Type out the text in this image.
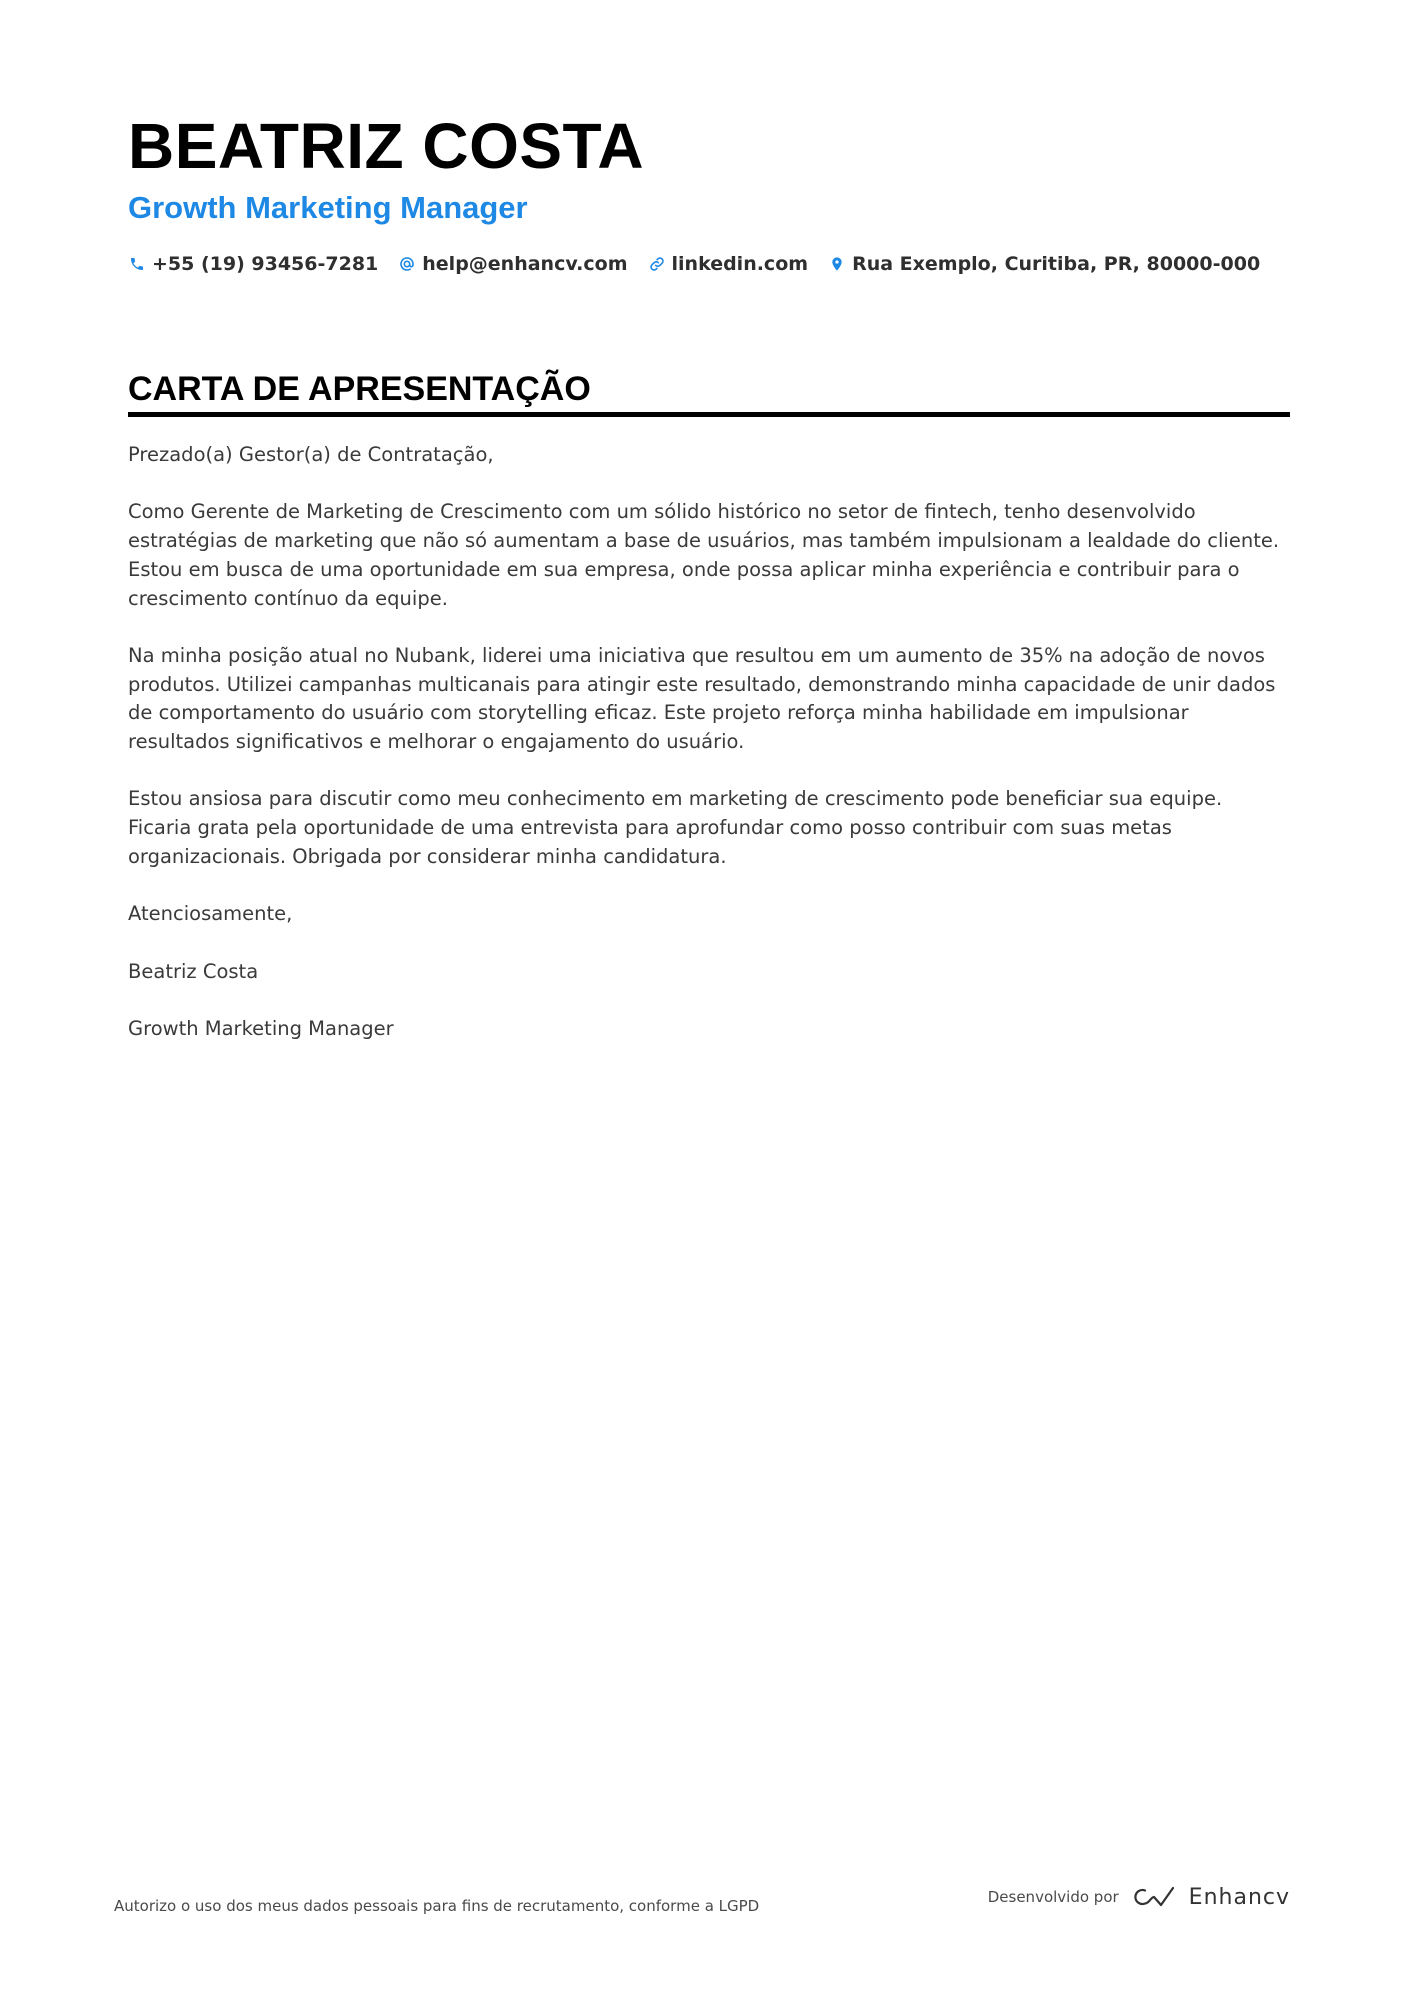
BEATRIZ COSTA
Growth Marketing Manager
+55 (19) 93456-7281 help@enhancv.com linkedin.com Rua Exemplo, Curitiba, PR, 80000-000
CARTA DE APRESENTAÇÃO

Prezado(a) Gestor(a) de Contratação,

Como Gerente de Marketing de Crescimento com um sólido histórico no setor de fintech, tenho desenvolvido estratégias de marketing que não só aumentam a base de usuários, mas também impulsionam a lealdade do cliente. Estou em busca de uma oportunidade em sua empresa, onde possa aplicar minha experiência e contribuir para o crescimento contínuo da equipe.

Na minha posição atual no Nubank, liderei uma iniciativa que resultou em um aumento de 35% na adoção de novos produtos. Utilizei campanhas multicanais para atingir este resultado, demonstrando minha capacidade de unir dados de comportamento do usuário com storytelling eficaz. Este projeto reforça minha habilidade em impulsionar resultados significativos e melhorar o engajamento do usuário.

Estou ansiosa para discutir como meu conhecimento em marketing de crescimento pode beneficiar sua equipe. Ficaria grata pela oportunidade de uma entrevista para aprofundar como posso contribuir com suas metas organizacionais. Obrigada por considerar minha candidatura.

Atenciosamente,

Beatriz Costa

Growth Marketing Manager

Autorizo o uso dos meus dados pessoais para fins de recrutamento, conforme a LGPD	Desenvolvido por	Enhancv
